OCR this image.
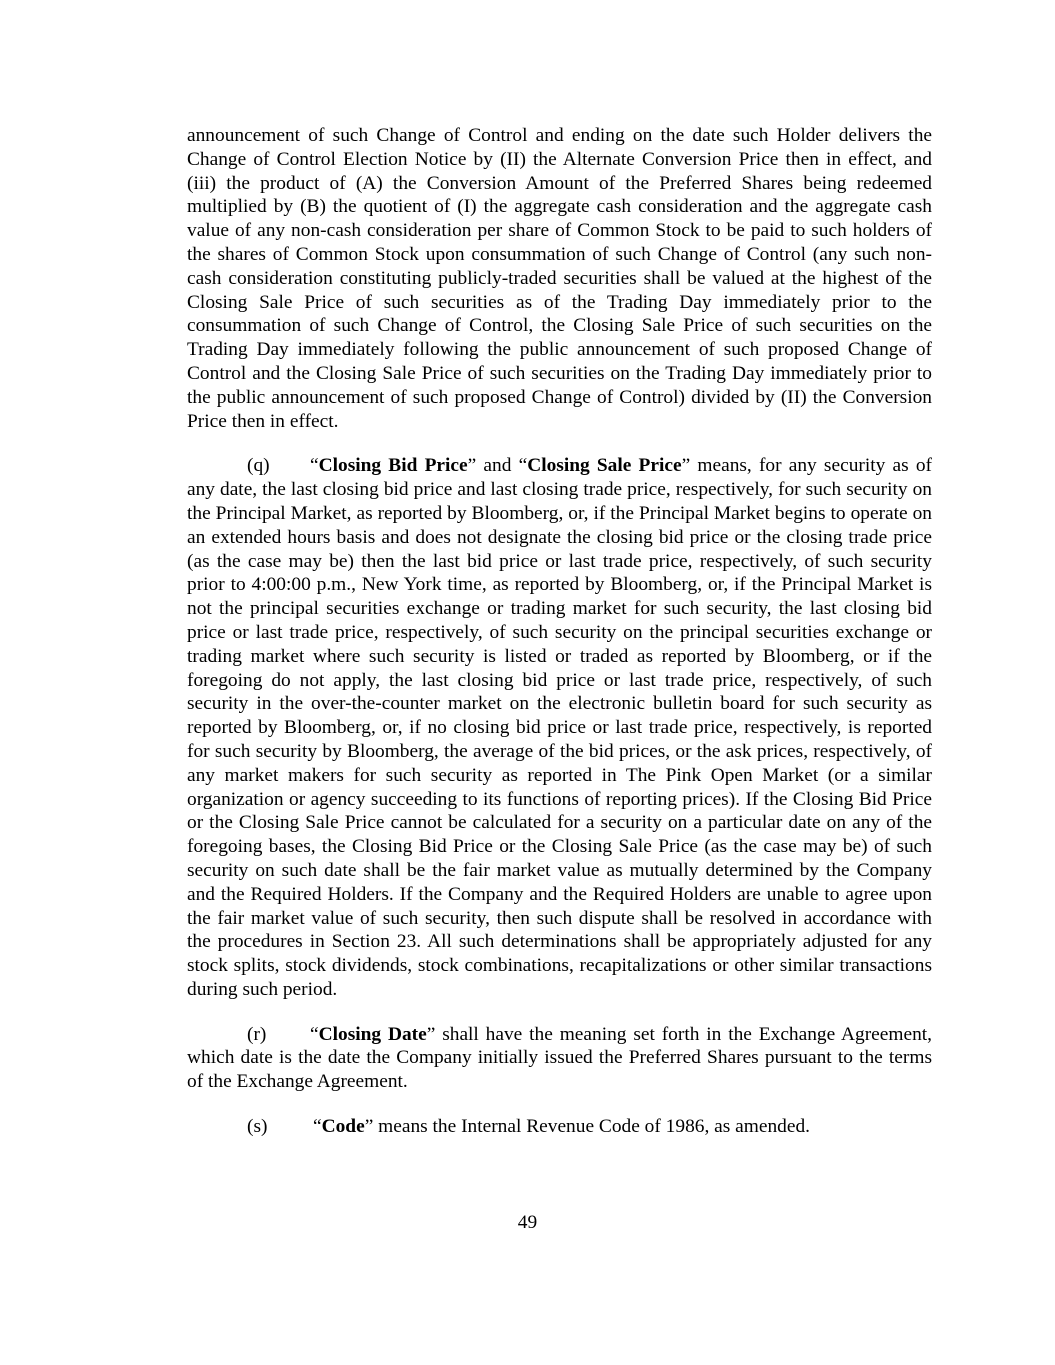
announcement of such Change of Control and ending on the date such Holder delivers the Change of Control Election Notice by (II) the Alternate Conversion Price then in effect, and (iii) the product of (A) the Conversion Amount of the Preferred Shares being redeemed multiplied by (B) the quotient of (I) the aggregate cash consideration and the aggregate cash value of any non-cash consideration per share of Common Stock to be paid to such holders of the shares of Common Stock upon consummation of such Change of Control (any such non-cash consideration constituting publicly-traded securities shall be valued at the highest of the Closing Sale Price of such securities as of the Trading Day immediately prior to the consummation of such Change of Control, the Closing Sale Price of such securities on the Trading Day immediately following the public announcement of such proposed Change of Control and the Closing Sale Price of such securities on the Trading Day immediately prior to the public announcement of such proposed Change of Control) divided by (II) the Conversion Price then in effect.

(q) “Closing Bid Price” and “Closing Sale Price” means, for any security as of any date, the last closing bid price and last closing trade price, respectively, for such security on the Principal Market, as reported by Bloomberg, or, if the Principal Market begins to operate on an extended hours basis and does not designate the closing bid price or the closing trade price (as the case may be) then the last bid price or last trade price, respectively, of such security prior to 4:00:00 p.m., New York time, as reported by Bloomberg, or, if the Principal Market is not the principal securities exchange or trading market for such security, the last closing bid price or last trade price, respectively, of such security on the principal securities exchange or trading market where such security is listed or traded as reported by Bloomberg, or if the foregoing do not apply, the last closing bid price or last trade price, respectively, of such security in the over-the-counter market on the electronic bulletin board for such security as reported by Bloomberg, or, if no closing bid price or last trade price, respectively, is reported for such security by Bloomberg, the average of the bid prices, or the ask prices, respectively, of any market makers for such security as reported in The Pink Open Market (or a similar organization or agency succeeding to its functions of reporting prices). If the Closing Bid Price or the Closing Sale Price cannot be calculated for a security on a particular date on any of the foregoing bases, the Closing Bid Price or the Closing Sale Price (as the case may be) of such security on such date shall be the fair market value as mutually determined by the Company and the Required Holders. If the Company and the Required Holders are unable to agree upon the fair market value of such security, then such dispute shall be resolved in accordance with the procedures in Section 23. All such determinations shall be appropriately adjusted for any stock splits, stock dividends, stock combinations, recapitalizations or other similar transactions during such period.

(r) “Closing Date” shall have the meaning set forth in the Exchange Agreement, which date is the date the Company initially issued the Preferred Shares pursuant to the terms of the Exchange Agreement.

(s) “Code” means the Internal Revenue Code of 1986, as amended.

49
